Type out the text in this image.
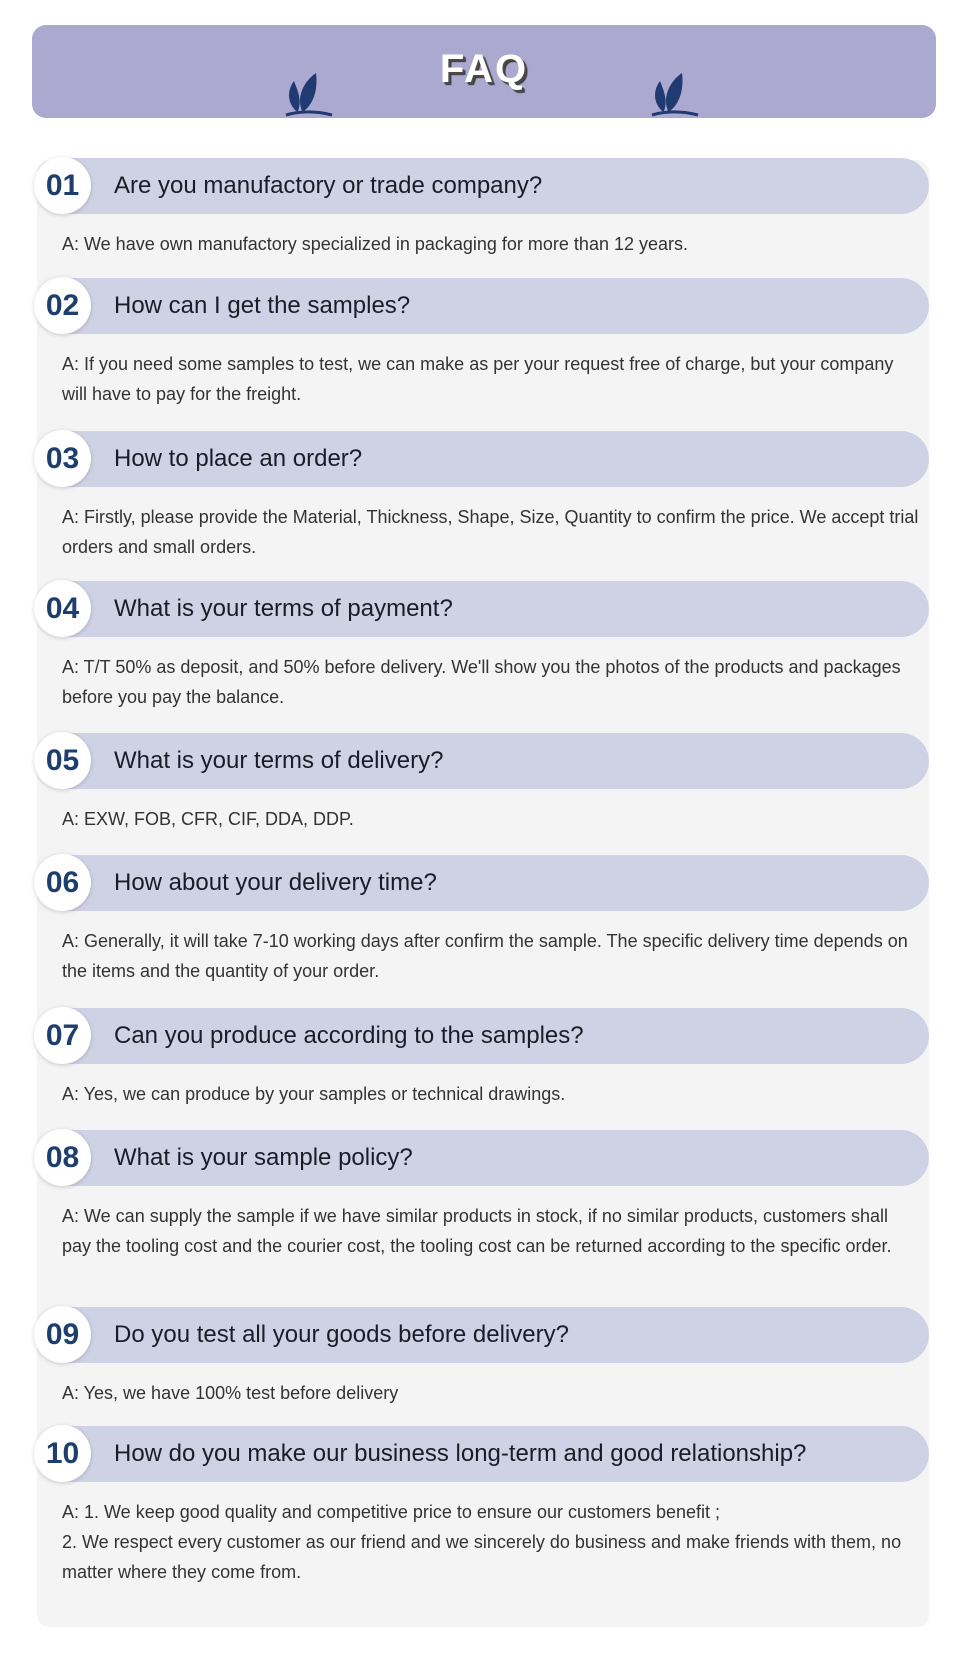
FAQ
01	Are you manufactory or trade company?
A: We have own manufactory specialized in packaging for more than 12 years.
02	How can I get the samples?
A: If you need some samples to test, we can make as per your request free of charge, but your company will have to pay for the freight.
03	How to place an order?
A: Firstly, please provide the Material, Thickness, Shape, Size, Quantity to confirm the price. We accept trial orders and small orders.
04	What is your terms of payment?
A: T/T 50% as deposit, and 50% before delivery. We'll show you the photos of the products and packages before you pay the balance.
05	What is your terms of delivery?
A: EXW, FOB, CFR, CIF, DDA, DDP.
06	How about your delivery time?
A: Generally, it will take 7-10 working days after confirm the sample. The specific delivery time depends on the items and the quantity of your order.
07	Can you produce according to the samples?
A: Yes, we can produce by your samples or technical drawings.
08	What is your sample policy?
A: We can supply the sample if we have similar products in stock, if no similar products, customers shall pay the tooling cost and the courier cost, the tooling cost can be returned according to the specific order.
09	Do you test all your goods before delivery?
A: Yes, we have 100% test before delivery
10	How do you make our business long-term and good relationship?
A: 1. We keep good quality and competitive price to ensure our customers benefit ;
2. We respect every customer as our friend and we sincerely do business and make friends with them, no matter where they come from.
